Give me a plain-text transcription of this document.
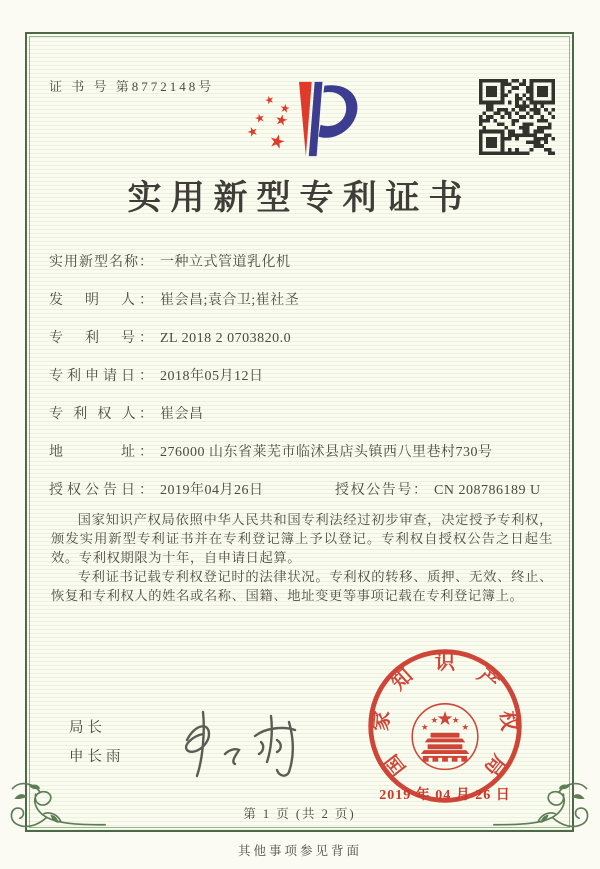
证 书 号 第8772148号
★
★
★ ★
★ ★
实用新型专利证书
实用新型名称： 一种立式管道乳化机
发　明　人： 崔会昌;袁合卫;崔社圣
专　利　号： ZL 2018 2 0703820.0
专利申请日： 2018年05月12日
专 利 权 人： 崔会昌
地　　　址： 276000 山东省莱芜市临沭县店头镇西八里巷村730号
授权公告日： 2019年04月26日	授权公告号： CN 208786189 U

国家知识产权局依照中华人民共和国专利法经过初步审查，决定授予专利权，颁发实用新型专利证书并在专利登记簿上予以登记。专利权自授权公告之日起生效。专利权期限为十年，自申请日起算。

专利证书记载专利权登记时的法律状况。专利权的转移、质押、无效、终止、恢复和专利权人的姓名或名称、国籍、地址变更等事项记载在专利登记簿上。

局长
申长雨	国
家
知
识
产
权
局
★
★
★ ★
★
2019 年 04 月 26 日
第 1 页 (共 2 页)
其他事项参见背面
